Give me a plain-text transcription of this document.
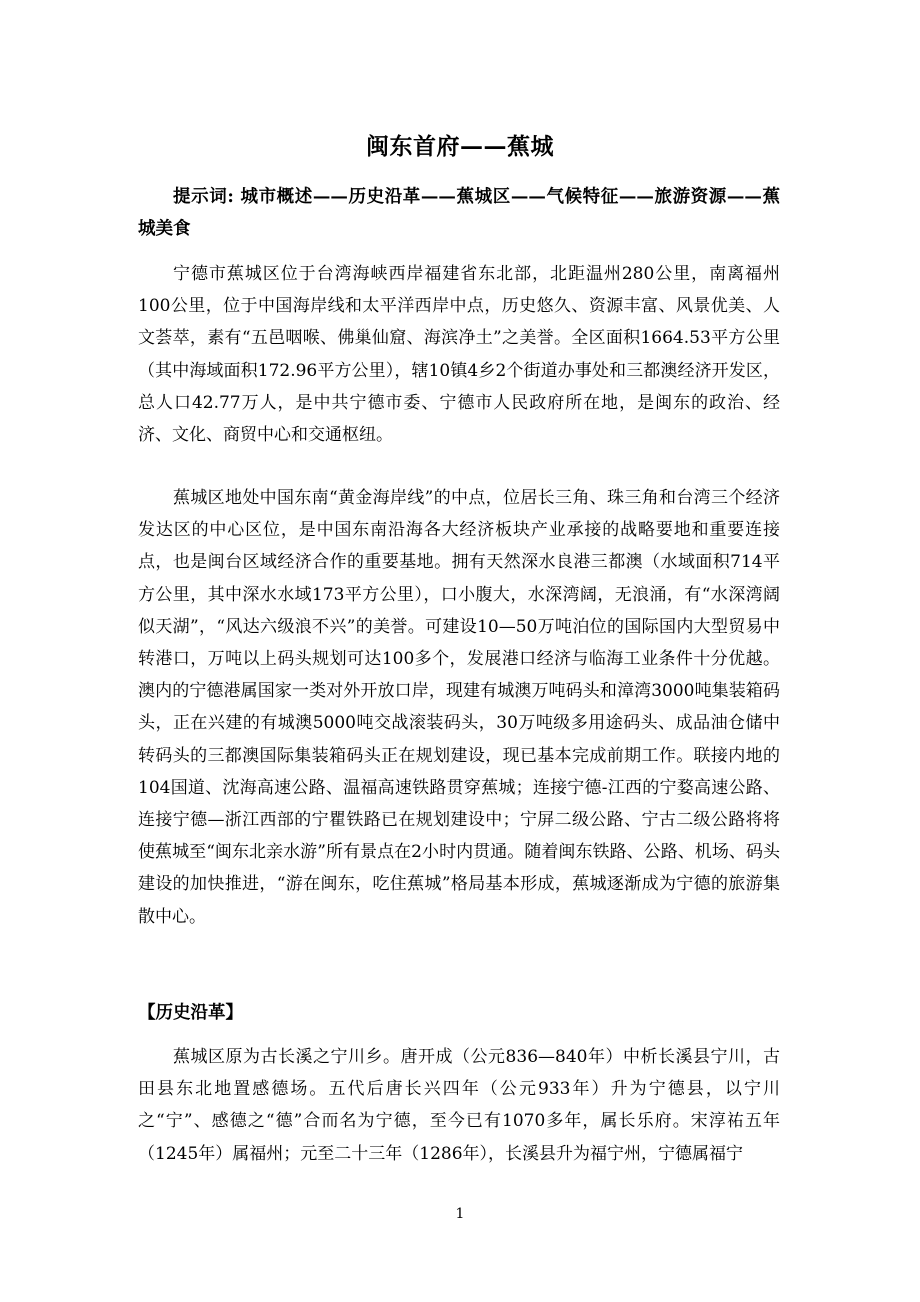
闽东首府——蕉城
提示词: 城市概述——历史沿革——蕉城区——气候特征——旅游资源——蕉城美食
宁德市蕉城区位于台湾海峡西岸福建省东北部，北距温州280公里，南离福州100公里，位于中国海岸线和太平洋西岸中点，历史悠久、资源丰富、风景优美、人文荟萃，素有“五邑咽喉、佛巢仙窟、海滨净土”之美誉。全区面积1664.53平方公里（其中海域面积172.96平方公里），辖10镇4乡2个街道办事处和三都澳经济开发区，总人口42.77万人，是中共宁德市委、宁德市人民政府所在地，是闽东的政治、经济、文化、商贸中心和交通枢纽。
蕉城区地处中国东南“黄金海岸线”的中点，位居长三角、珠三角和台湾三个经济发达区的中心区位，是中国东南沿海各大经济板块产业承接的战略要地和重要连接点，也是闽台区域经济合作的重要基地。拥有天然深水良港三都澳（水域面积714平方公里，其中深水水域173平方公里），口小腹大，水深湾阔，无浪涌，有“水深湾阔似天湖”，“风达六级浪不兴”的美誉。可建设10—50万吨泊位的国际国内大型贸易中转港口，万吨以上码头规划可达100多个，发展港口经济与临海工业条件十分优越。澳内的宁德港属国家一类对外开放口岸，现建有城澳万吨码头和漳湾3000吨集装箱码头，正在兴建的有城澳5000吨交战滚装码头，30万吨级多用途码头、成品油仓储中转码头的三都澳国际集装箱码头正在规划建设，现已基本完成前期工作。联接内地的104国道、沈海高速公路、温福高速铁路贯穿蕉城；连接宁德-江西的宁婺高速公路、连接宁德—浙江西部的宁瞿铁路已在规划建设中；宁屏二级公路、宁古二级公路将将使蕉城至“闽东北亲水游”所有景点在2小时内贯通。随着闽东铁路、公路、机场、码头建设的加快推进，“游在闽东，吃住蕉城”格局基本形成，蕉城逐渐成为宁德的旅游集散中心。
【历史沿革】
蕉城区原为古长溪之宁川乡。唐开成（公元836—840年）中析长溪县宁川，古田县东北地置感德场。五代后唐长兴四年（公元933年）升为宁德县，以宁川之“宁”、感德之“德”合而名为宁德，至今已有1070多年，属长乐府。宋淳祐五年（1245年）属福州；元至二十三年（1286年），长溪县升为福宁州，宁德属福宁
1
